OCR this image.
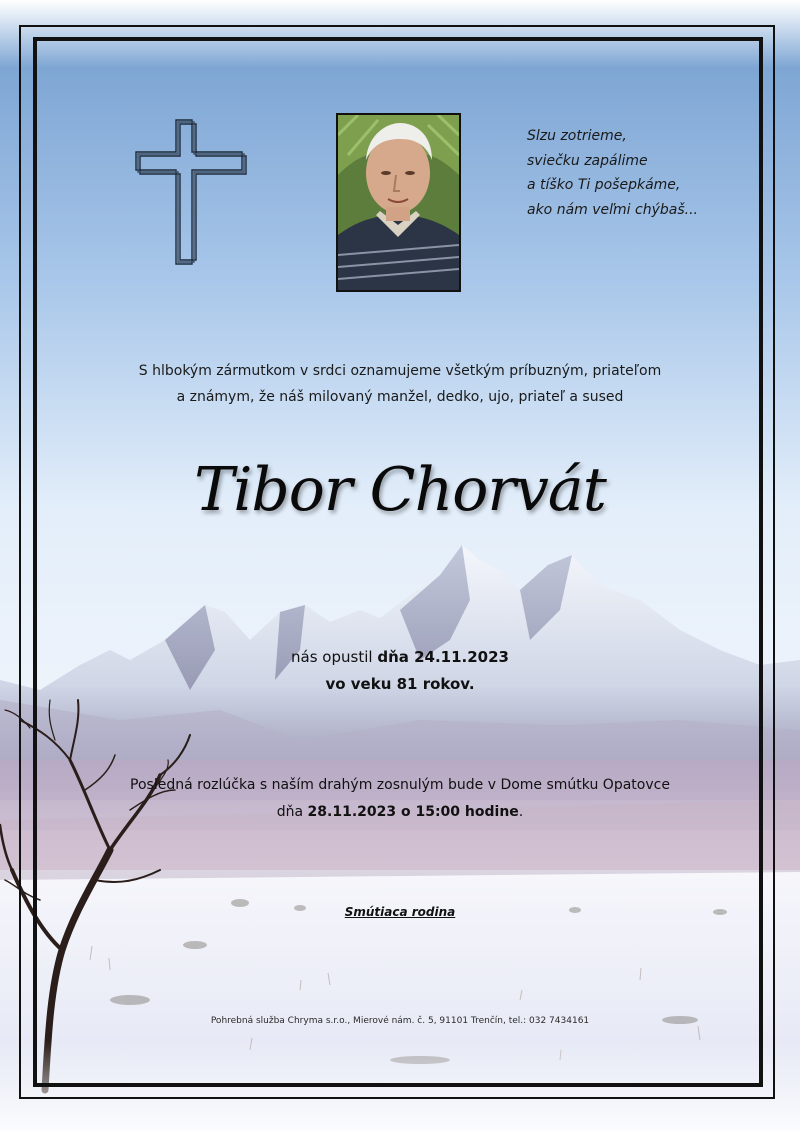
Slzu zotrieme,
sviečku zapálime
a tíško Ti pošepkáme,
ako nám veľmi chýbaš...
S hlbokým zármutkom v srdci oznamujeme všetkým príbuzným, priateľom
a známym, že náš milovaný manžel, dedko, ujo, priateľ a sused
Tibor Chorvát
nás opustil dňa 24.11.2023
vo veku 81 rokov.
Posledná rozlúčka s naším drahým zosnulým bude v Dome smútku Opatovce
dňa 28.11.2023 o 15:00 hodine.
Smútiaca rodina
Pohrebná služba Chryma s.r.o., Mierové nám. č. 5, 91101 Trenčín, tel.: 032 7434161
